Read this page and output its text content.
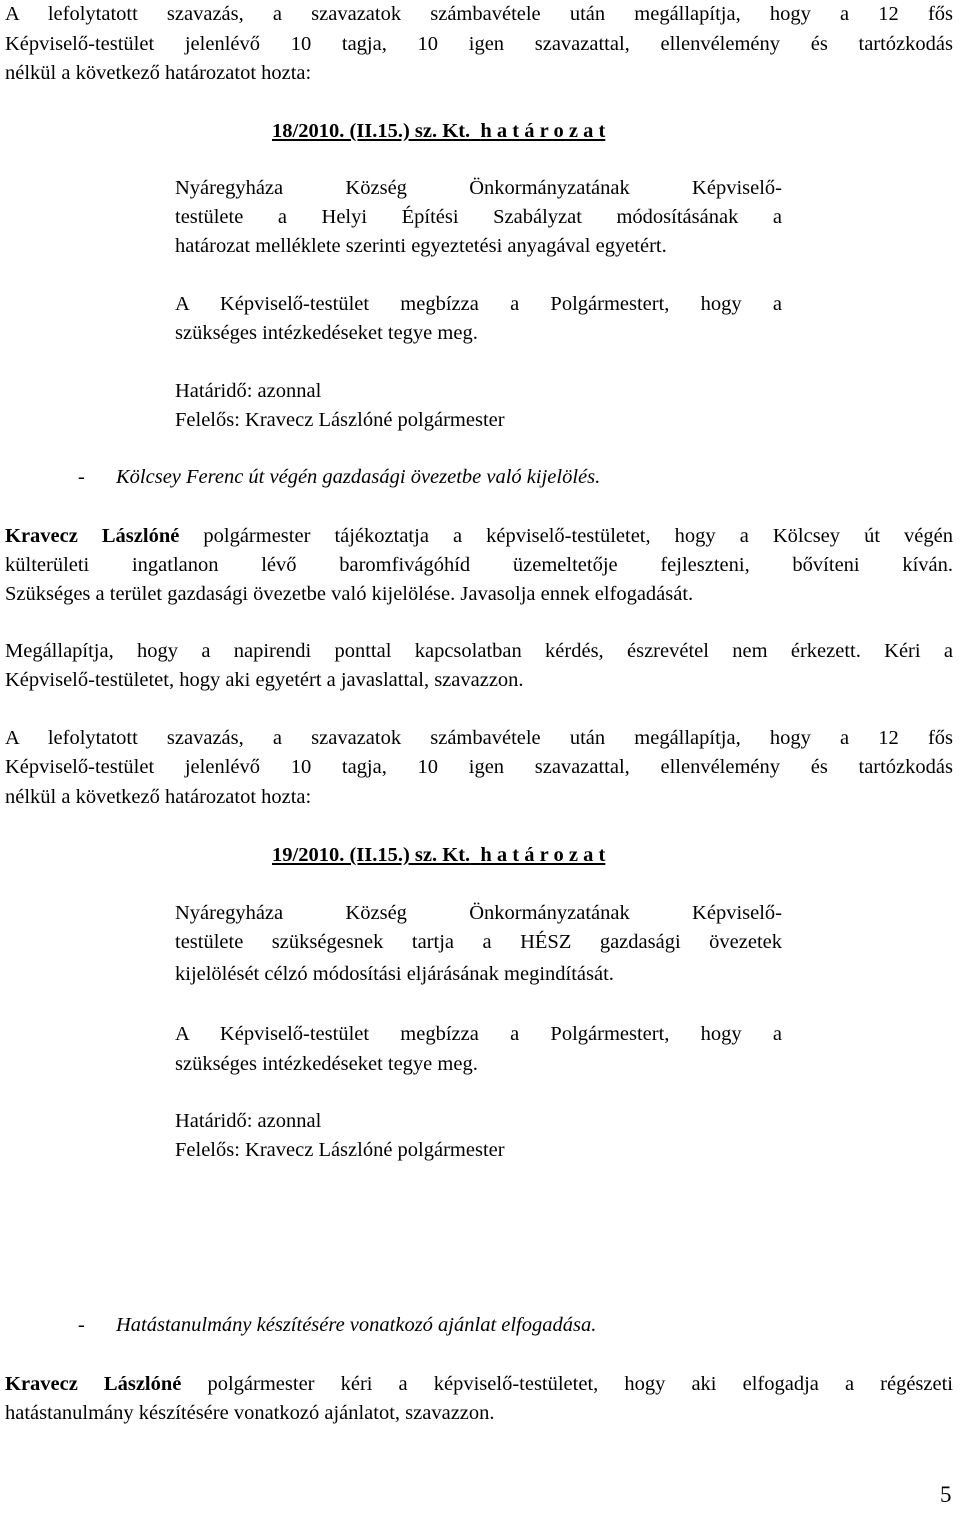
A lefolytatott szavazás, a szavazatok számbavétele után megállapítja, hogy a 12 fős
Képviselő-testület jelenlévő 10 tagja, 10 igen szavazattal, ellenvélemény és tartózkodás
nélkül a következő határozatot hozta:
18/2010. (II.15.) sz. Kt. h a t á r o z a t
Nyáregyháza Község Önkormányzatának Képviselő-
testülete a Helyi Építési Szabályzat módosításának a
határozat melléklete szerinti egyeztetési anyagával egyetért.
A Képviselő-testület megbízza a Polgármestert, hogy a
szükséges intézkedéseket tegye meg.
Határidő: azonnal
Felelős: Kravecz Lászlóné polgármester
- Kölcsey Ferenc út végén gazdasági övezetbe való kijelölés.
Kravecz Lászlóné polgármester tájékoztatja a képviselő-testületet, hogy a Kölcsey út végén
külterületi ingatlanon lévő baromfivágóhíd üzemeltetője fejleszteni, bővíteni kíván.
Szükséges a terület gazdasági övezetbe való kijelölése. Javasolja ennek elfogadását.
Megállapítja, hogy a napirendi ponttal kapcsolatban kérdés, észrevétel nem érkezett. Kéri a
Képviselő-testületet, hogy aki egyetért a javaslattal, szavazzon.
A lefolytatott szavazás, a szavazatok számbavétele után megállapítja, hogy a 12 fős
Képviselő-testület jelenlévő 10 tagja, 10 igen szavazattal, ellenvélemény és tartózkodás
nélkül a következő határozatot hozta:
19/2010. (II.15.) sz. Kt. h a t á r o z a t
Nyáregyháza Község Önkormányzatának Képviselő-
testülete szükségesnek tartja a HÉSZ gazdasági övezetek
kijelölését célzó módosítási eljárásának megindítását.
A Képviselő-testület megbízza a Polgármestert, hogy a
szükséges intézkedéseket tegye meg.
Határidő: azonnal
Felelős: Kravecz Lászlóné polgármester
- Hatástanulmány készítésére vonatkozó ajánlat elfogadása.
Kravecz Lászlóné polgármester kéri a képviselő-testületet, hogy aki elfogadja a régészeti
hatástanulmány készítésére vonatkozó ajánlatot, szavazzon.
5
